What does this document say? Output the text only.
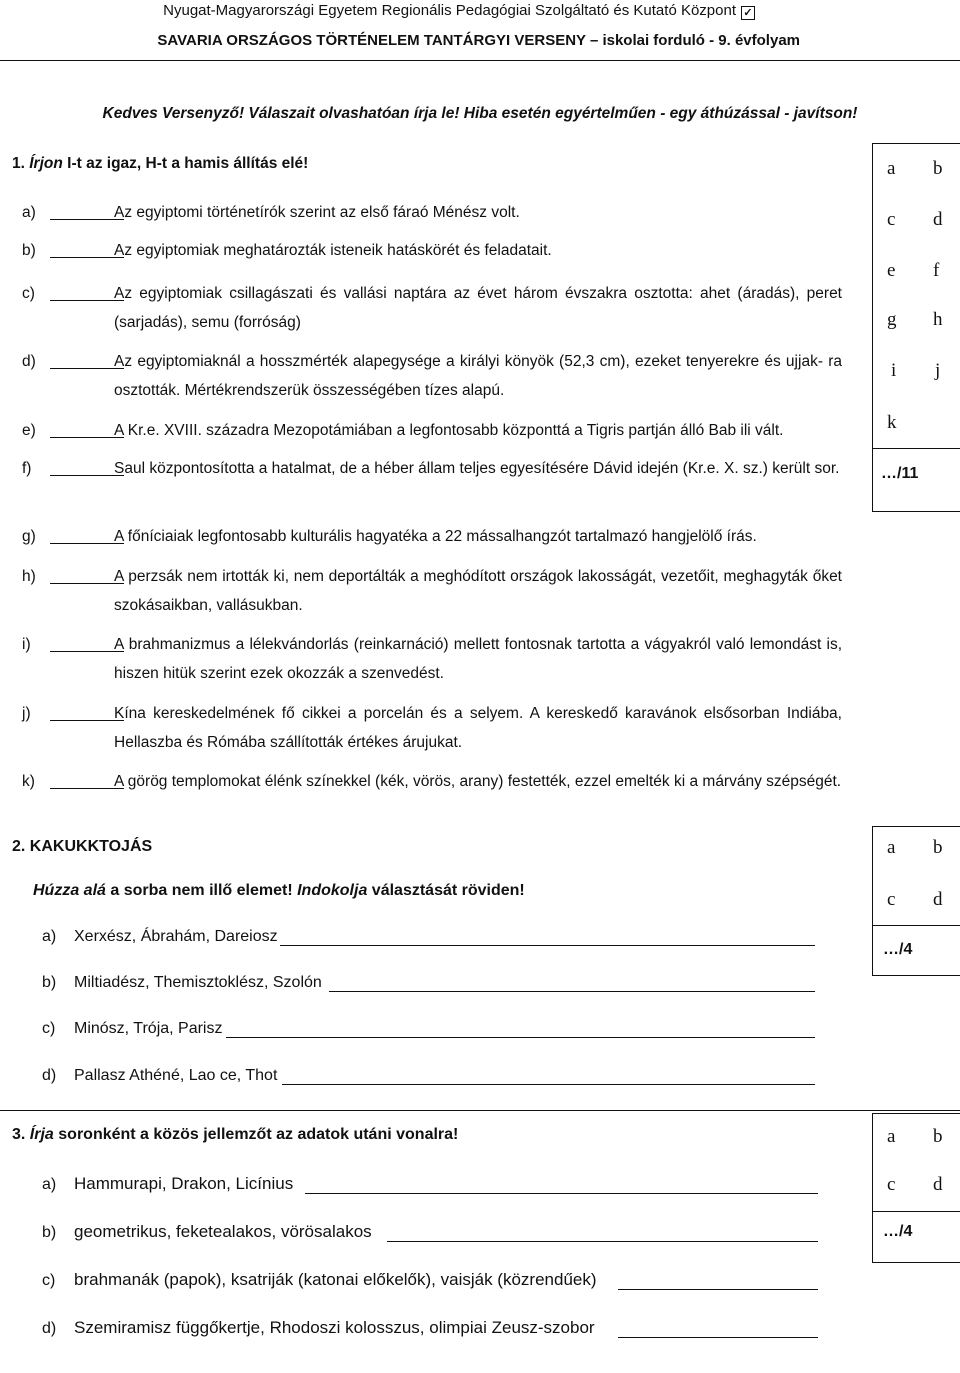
Nyugat-Magyarországi Egyetem Regionális Pedagógiai Szolgáltató és Kutató Központ ✓
SAVARIA ORSZÁGOS TÖRTÉNELEM TANTÁRGYI VERSENY – iskolai forduló - 9. évfolyam
Kedves Versenyző! Válaszait olvashatóan írja le! Hiba esetén egyértelműen - egy áthúzással - javítson!
1. Írjon I-t az igaz, H-t a hamis állítás elé!
a)	Az egyiptomi történetírók szerint az első fáraó Ménész volt.
b)	Az egyiptomiak meghatározták isteneik hatáskörét és feladatait.
c)	Az egyiptomiak csillagászati és vallási naptára az évet három évszakra osztotta: ahet (áradás), peret (sarjadás), semu (forróság)
d)	Az egyiptomiaknál a hosszmérték alapegysége a királyi könyök (52,3 cm), ezeket tenyerekre és ujjak- ra osztották. Mértékrendszerük összességében tízes alapú.
e)	A Kr.e. XVIII. századra Mezopotámiában a legfontosabb központtá a Tigris partján álló Bab ili vált.
f)	Saul központosította a hatalmat, de a héber állam teljes egyesítésére Dávid idején (Kr.e. X. sz.) került sor.
g)	A főníciaiak legfontosabb kulturális hagyatéka a 22 mássalhangzót tartalmazó hangjelölő írás.
h)	A perzsák nem irtották ki, nem deportálták a meghódított országok lakosságát, vezetőit, meghagyták őket szokásaikban, vallásukban.
i)	A brahmanizmus a lélekvándorlás (reinkarnáció) mellett fontosnak tartotta a vágyakról való lemondást is, hiszen hitük szerint ezek okozzák a szenvedést.
j)	Kína kereskedelmének fő cikkei a porcelán és a selyem. A kereskedő karavánok elsősorban Indiába, Hellaszba és Rómába szállították értékes árujukat.
k)	A görög templomokat élénk színekkel (kék, vörös, arany) festették, ezzel emelték ki a márvány szépségét.
a b
c d
e f
g h
i j
k
…/11
2. KAKUKKTOJÁS
Húzza alá a sorba nem illő elemet! Indokolja választását röviden!
a) Xerxész, Ábrahám, Dareiosz
b) Miltiadész, Themisztoklész, Szolón
c) Minósz, Trója, Parisz
d) Pallasz Athéné, Lao ce, Thot
a b
c d
…/4
3. Írja soronként a közös jellemzőt az adatok utáni vonalra!
a) Hammurapi, Drakon, Licínius
b) geometrikus, feketealakos, vörösalakos
c) brahmanák (papok), ksatriják (katonai előkelők), vaisják (közrendűek)
d) Szemiramisz függőkertje, Rhodoszi kolosszus, olimpiai Zeusz-szobor
a b
c d
…/4
